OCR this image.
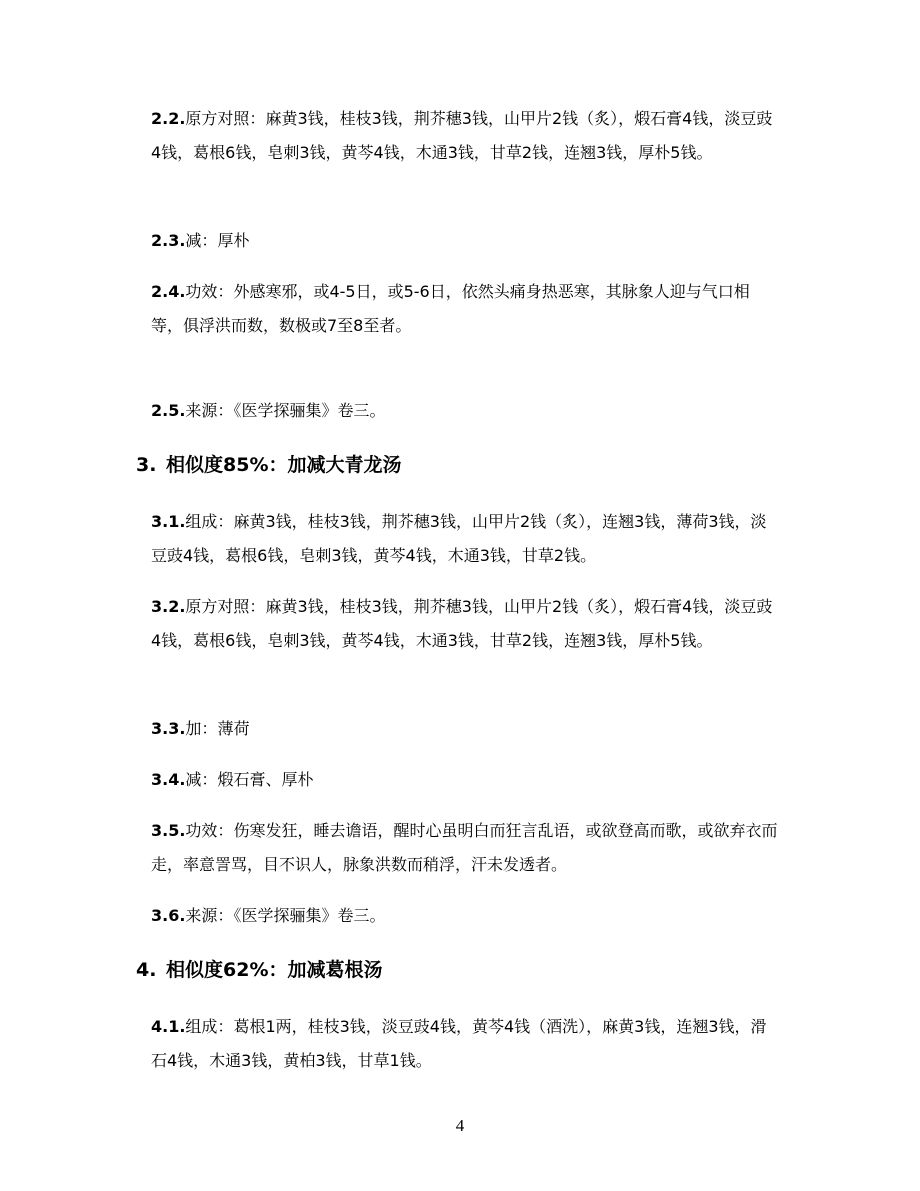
2.2.原方对照：麻黄3钱，桂枝3钱，荆芥穗3钱，山甲片2钱（炙），煅石膏4钱，淡豆豉4钱，葛根6钱，皂刺3钱，黄芩4钱，木通3钱，甘草2钱，连翘3钱，厚朴5钱。

2.3.减：厚朴

2.4.功效：外感寒邪，或4-5日，或5-6日，依然头痛身热恶寒，其脉象人迎与气口相等，俱浮洪而数，数极或7至8至者。

2.5.来源：《医学探骊集》卷三。

3. 相似度85%：加减大青龙汤

3.1.组成：麻黄3钱，桂枝3钱，荆芥穗3钱，山甲片2钱（炙），连翘3钱，薄荷3钱，淡豆豉4钱，葛根6钱，皂刺3钱，黄芩4钱，木通3钱，甘草2钱。

3.2.原方对照：麻黄3钱，桂枝3钱，荆芥穗3钱，山甲片2钱（炙），煅石膏4钱，淡豆豉4钱，葛根6钱，皂刺3钱，黄芩4钱，木通3钱，甘草2钱，连翘3钱，厚朴5钱。

3.3.加：薄荷

3.4.减：煅石膏、厚朴

3.5.功效：伤寒发狂，睡去谵语，醒时心虽明白而狂言乱语，或欲登高而歌，或欲弃衣而走，率意詈骂，目不识人，脉象洪数而稍浮，汗未发透者。

3.6.来源：《医学探骊集》卷三。

4. 相似度62%：加减葛根汤

4.1.组成：葛根1两，桂枝3钱，淡豆豉4钱，黄芩4钱（酒洗），麻黄3钱，连翘3钱，滑石4钱，木通3钱，黄柏3钱，甘草1钱。

4
